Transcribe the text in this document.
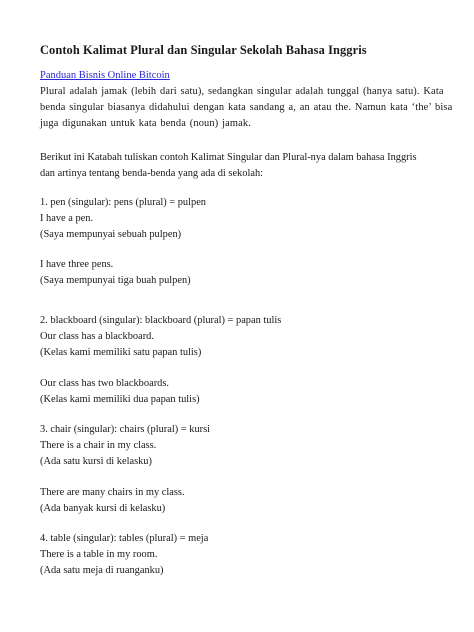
Contoh Kalimat Plural dan Singular Sekolah Bahasa Inggris
Panduan Bisnis Online Bitcoin
Plural adalah jamak (lebih dari satu), sedangkan singular adalah tunggal (hanya satu). Kata
benda singular biasanya didahului dengan kata sandang a, an atau the. Namun kata ‘the’ bisa
juga digunakan untuk kata benda (noun) jamak.
Berikut ini Katabah tuliskan contoh Kalimat Singular dan Plural-nya dalam bahasa Inggris
dan artinya tentang benda-benda yang ada di sekolah:
1. pen (singular): pens (plural) = pulpen
I have a pen.
(Saya mempunyai sebuah pulpen)
I have three pens.
(Saya mempunyai tiga buah pulpen)
2. blackboard (singular): blackboard (plural) = papan tulis
Our class has a blackboard.
(Kelas kami memiliki satu papan tulis)
Our class has two blackboards.
(Kelas kami memiliki dua papan tulis)
3. chair (singular): chairs (plural) = kursi
There is a chair in my class.
(Ada satu kursi di kelasku)
There are many chairs in my class.
(Ada banyak kursi di kelasku)
4. table (singular): tables (plural) = meja
There is a table in my room.
(Ada satu meja di ruanganku)
